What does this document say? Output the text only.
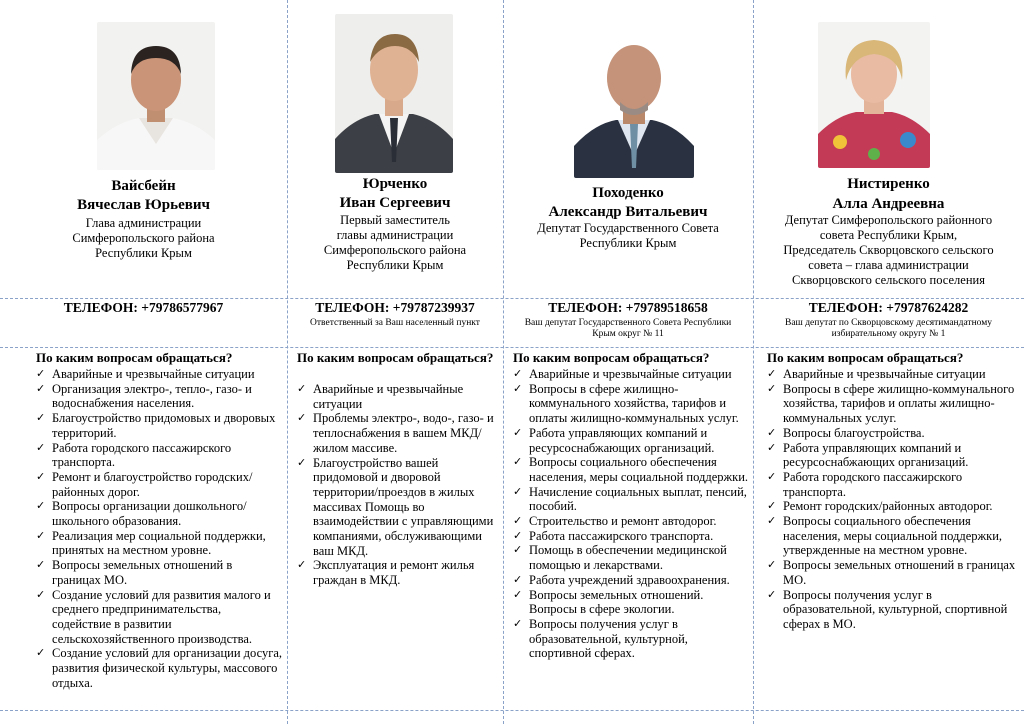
Вайсбейн
Вячеслав Юрьевич
Глава администрации
Симферопольского района
Республики Крым
ТЕЛЕФОН: +79786577967
По каким вопросам обращаться?
✓ Аварийные и чрезвычайные ситуации
✓ Организация электро-, тепло-, газо- и водоснабжения населения.
✓ Благоустройство придомовых и дворовых территорий.
✓ Работа городского пассажирского транспорта.
✓ Ремонт и благоустройство городских/районных дорог.
✓ Вопросы организации дошкольного/школьного образования.
✓ Реализация мер социальной поддержки, принятых на местном уровне.
✓ Вопросы земельных отношений в границах МО.
✓ Создание условий для развития малого и среднего предпринимательства, содействие в развитии сельскохозяйственного производства.
✓ Создание условий для организации досуга, развития физической культуры, массового отдыха.
Юрченко
Иван Сергеевич
Первый заместитель
главы администрации
Симферопольского района
Республики Крым
ТЕЛЕФОН: +79787239937
Ответственный за Ваш населенный пункт
По каким вопросам обращаться?
✓ Аварийные и чрезвычайные ситуации
✓ Проблемы электро-, водо-, газо- и теплоснабжения в вашем МКД/жилом массиве.
✓ Благоустройство вашей придомовой и дворовой территории/проездов в жилых массивах Помощь во взаимодействии с управляющими компаниями, обслуживающими ваш МКД.
✓ Эксплуатация и ремонт жилья граждан в МКД.
Походенко
Александр Витальевич
Депутат Государственного Совета
Республики Крым
ТЕЛЕФОН: +79789518658
Ваш депутат Государственного Совета Республики Крым округ № 11
По каким вопросам обращаться?
✓ Аварийные и чрезвычайные ситуации
✓ Вопросы в сфере жилищно-коммунального хозяйства, тарифов и оплаты жилищно-коммунальных услуг.
✓ Работа управляющих компаний и ресурсоснабжающих организаций.
✓ Вопросы социального обеспечения населения, меры социальной поддержки.
✓ Начисление социальных выплат, пенсий, пособий.
✓ Строительство и ремонт автодорог.
✓ Работа пассажирского транспорта.
✓ Помощь в обеспечении медицинской помощью и лекарствами.
✓ Работа учреждений здравоохранения.
✓ Вопросы земельных отношений. Вопросы в сфере экологии.
✓ Вопросы получения услуг в образовательной, культурной, спортивной сферах.
Нистиренко
Алла Андреевна
Депутат Симферопольского районного
совета Республики Крым,
Председатель Скворцовского сельского
совета – глава администрации
Скворцовского сельского поселения
ТЕЛЕФОН: +79787624282
Ваш депутат по Скворцовскому десятимандатному избирательному округу № 1
По каким вопросам обращаться?
✓ Аварийные и чрезвычайные ситуации
✓ Вопросы в сфере жилищно-коммунального хозяйства, тарифов и оплаты жилищно-коммунальных услуг.
✓ Вопросы благоустройства.
✓ Работа управляющих компаний и ресурсоснабжающих организаций.
✓ Работа городского пассажирского транспорта.
✓ Ремонт городских/районных автодорог.
✓ Вопросы социального обеспечения населения, меры социальной поддержки, утвержденные на местном уровне.
✓ Вопросы земельных отношений в границах МО.
✓ Вопросы получения услуг в образовательной, культурной, спортивной сферах в МО.
